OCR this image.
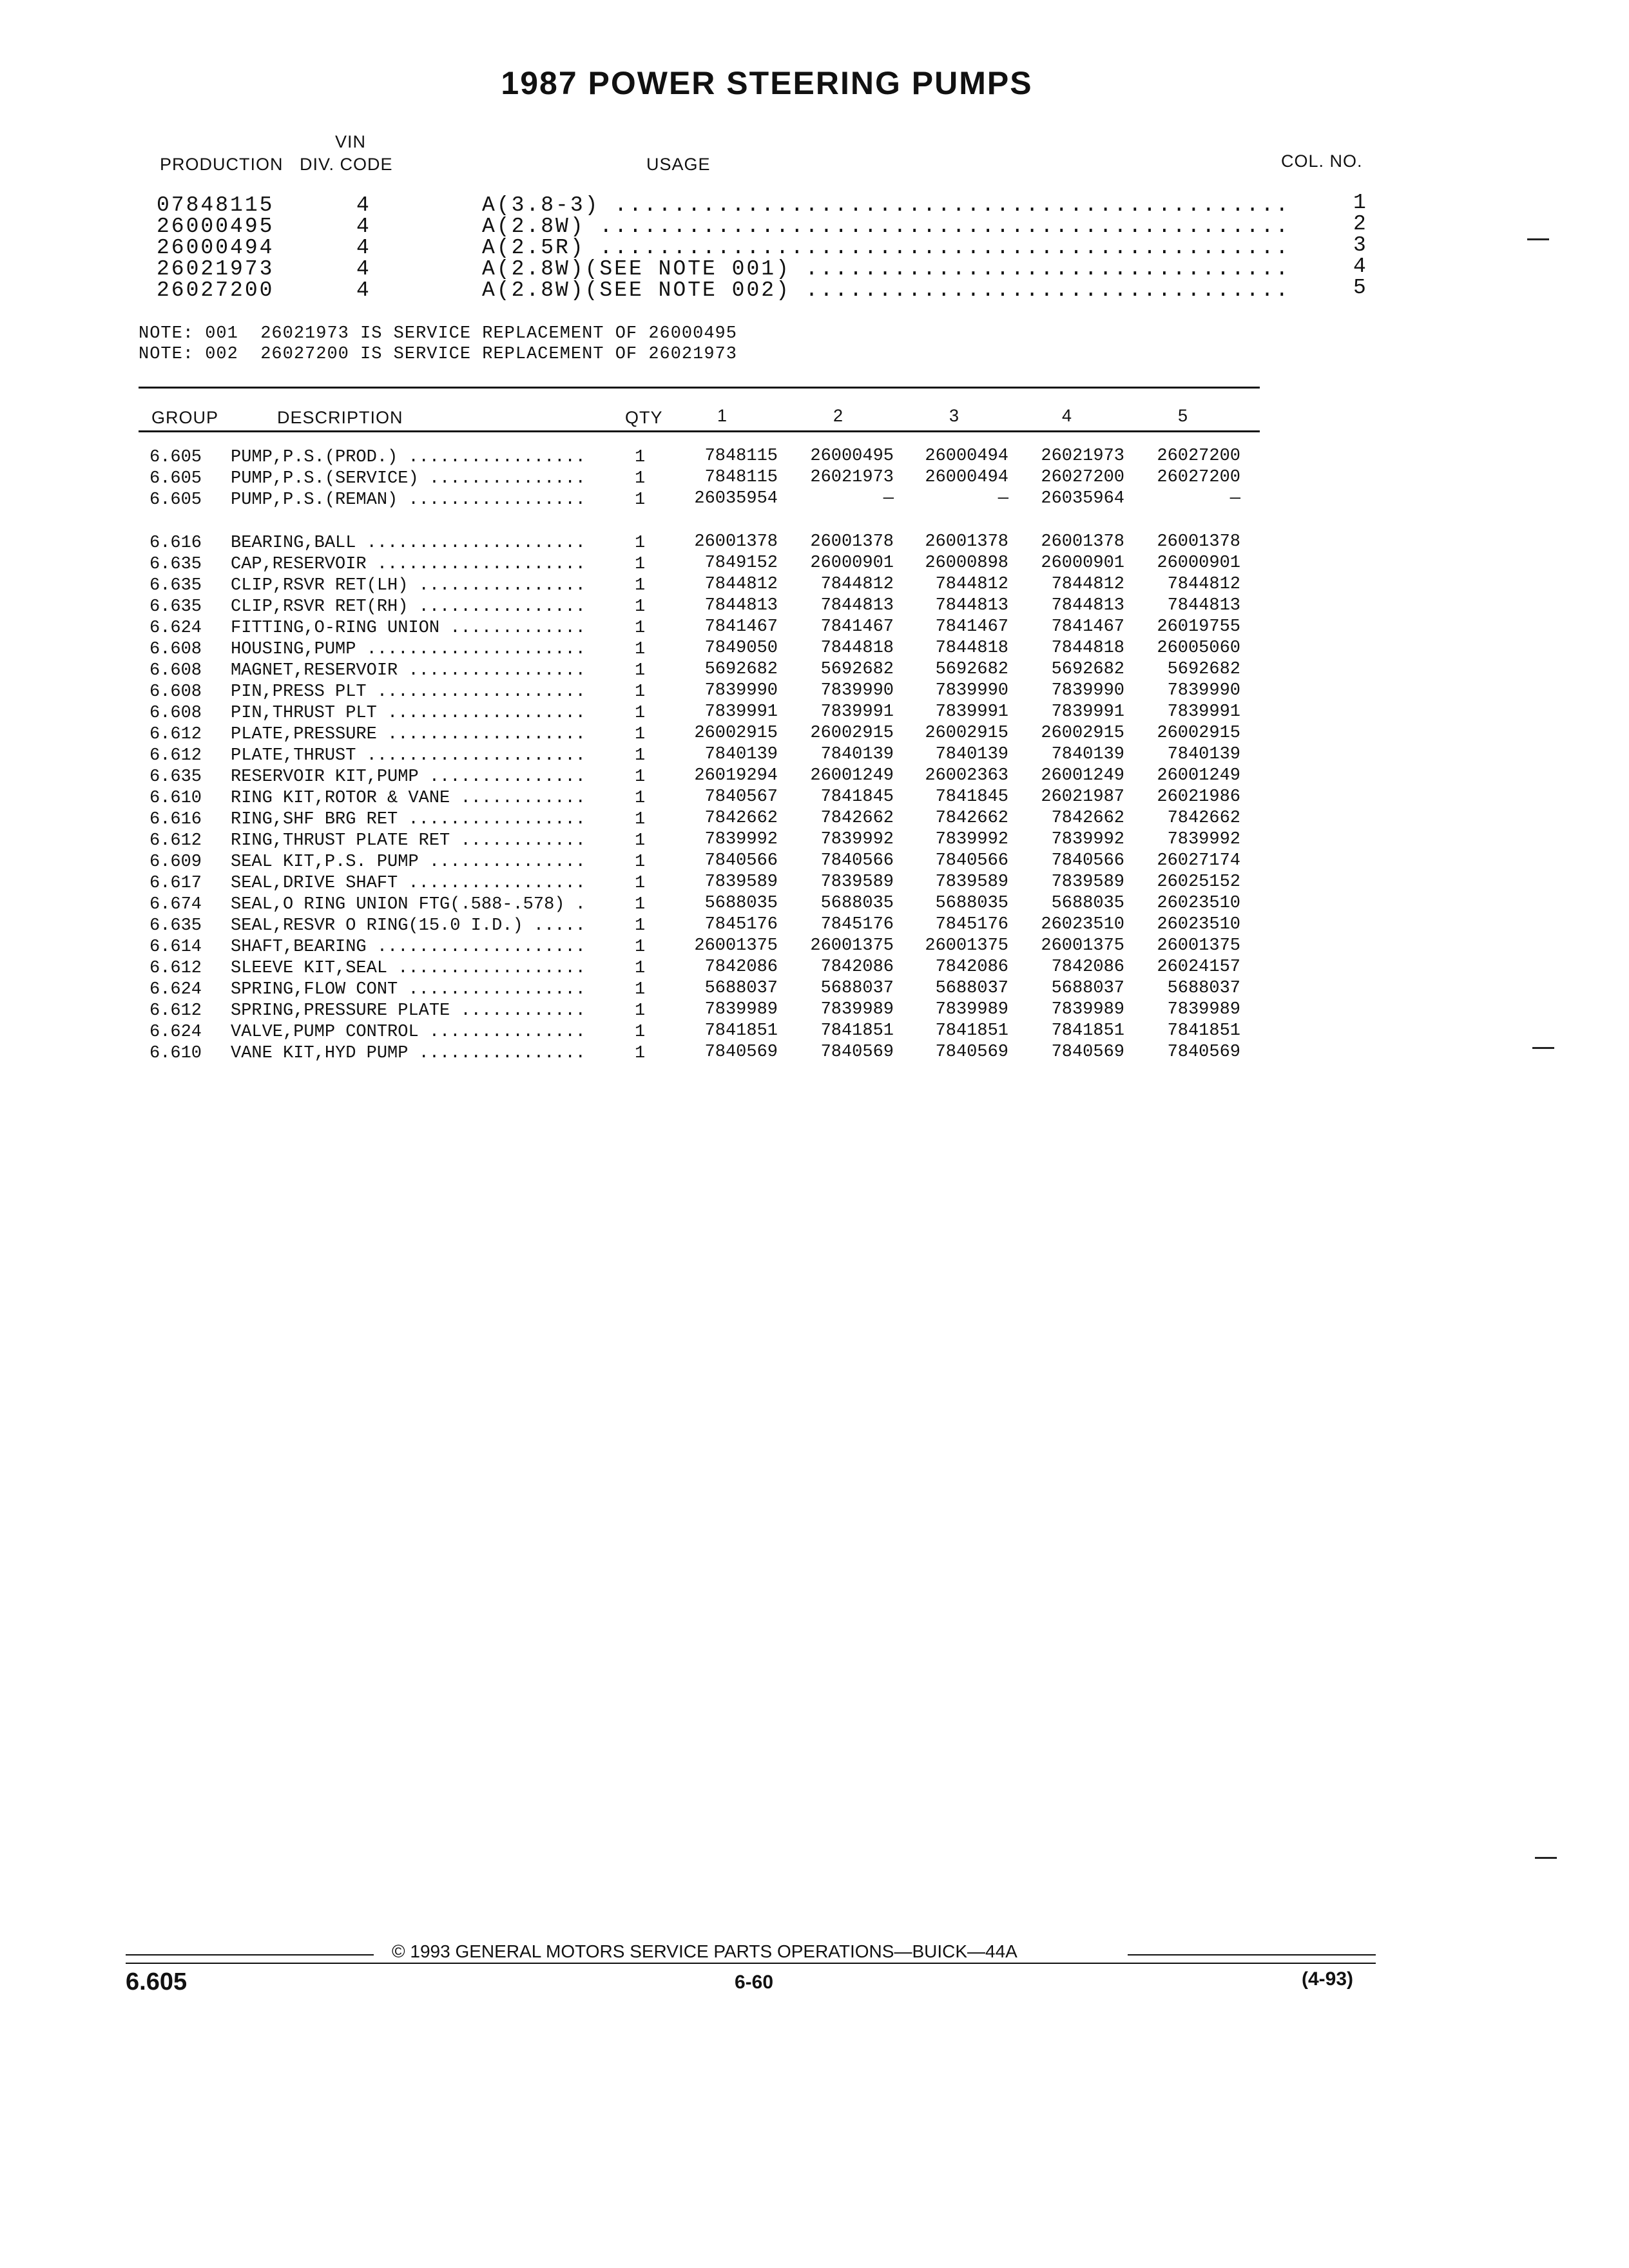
1987 POWER STEERING PUMPS
VIN
PRODUCTION DIV. CODE	USAGE	COL. NO.
07848115	4	A(3.8-3) ..............................................	1
26000495	4	A(2.8W) ...............................................	2
26000494	4	A(2.5R) ...............................................	3
26021973	4	A(2.8W)(SEE NOTE 001) .................................	4
26027200	4	A(2.8W)(SEE NOTE 002) .................................	5
NOTE: 001  26021973 IS SERVICE REPLACEMENT OF 26000495
NOTE: 002  26027200 IS SERVICE REPLACEMENT OF 26021973
GROUP	DESCRIPTION	QTY	1	2	3	4	5
6.605 PUMP,P.S.(PROD.) .................	1	7848115	26000495	26000494	26021973	26027200
6.605 PUMP,P.S.(SERVICE) ...............	1	7848115	26021973	26000494	26027200	26027200
6.605 PUMP,P.S.(REMAN) .................	1	26035954	—	—	26035964	—
6.616 BEARING,BALL .....................	1	26001378	26001378	26001378	26001378	26001378
6.635 CAP,RESERVOIR ....................	1	7849152	26000901	26000898	26000901	26000901
6.635 CLIP,RSVR RET(LH) ................	1	7844812	7844812	7844812	7844812	7844812
6.635 CLIP,RSVR RET(RH) ................	1	7844813	7844813	7844813	7844813	7844813
6.624 FITTING,O-RING UNION .............	1	7841467	7841467	7841467	7841467	26019755
6.608 HOUSING,PUMP .....................	1	7849050	7844818	7844818	7844818	26005060
6.608 MAGNET,RESERVOIR .................	1	5692682	5692682	5692682	5692682	5692682
6.608 PIN,PRESS PLT ....................	1	7839990	7839990	7839990	7839990	7839990
6.608 PIN,THRUST PLT ...................	1	7839991	7839991	7839991	7839991	7839991
6.612 PLATE,PRESSURE ...................	1	26002915	26002915	26002915	26002915	26002915
6.612 PLATE,THRUST .....................	1	7840139	7840139	7840139	7840139	7840139
6.635 RESERVOIR KIT,PUMP ...............	1	26019294	26001249	26002363	26001249	26001249
6.610 RING KIT,ROTOR & VANE ............	1	7840567	7841845	7841845	26021987	26021986
6.616 RING,SHF BRG RET .................	1	7842662	7842662	7842662	7842662	7842662
6.612 RING,THRUST PLATE RET ............	1	7839992	7839992	7839992	7839992	7839992
6.609 SEAL KIT,P.S. PUMP ...............	1	7840566	7840566	7840566	7840566	26027174
6.617 SEAL,DRIVE SHAFT .................	1	7839589	7839589	7839589	7839589	26025152
6.674 SEAL,O RING UNION FTG(.588-.578) .	1	5688035	5688035	5688035	5688035	26023510
6.635 SEAL,RESVR O RING(15.0 I.D.) .....	1	7845176	7845176	7845176	26023510	26023510
6.614 SHAFT,BEARING ....................	1	26001375	26001375	26001375	26001375	26001375
6.612 SLEEVE KIT,SEAL ..................	1	7842086	7842086	7842086	7842086	26024157
6.624 SPRING,FLOW CONT .................	1	5688037	5688037	5688037	5688037	5688037
6.612 SPRING,PRESSURE PLATE ............	1	7839989	7839989	7839989	7839989	7839989
6.624 VALVE,PUMP CONTROL ...............	1	7841851	7841851	7841851	7841851	7841851
6.610 VANE KIT,HYD PUMP ................	1	7840569	7840569	7840569	7840569	7840569
© 1993 GENERAL MOTORS SERVICE PARTS OPERATIONS—BUICK—44A
6.605	6-60	(4-93)
